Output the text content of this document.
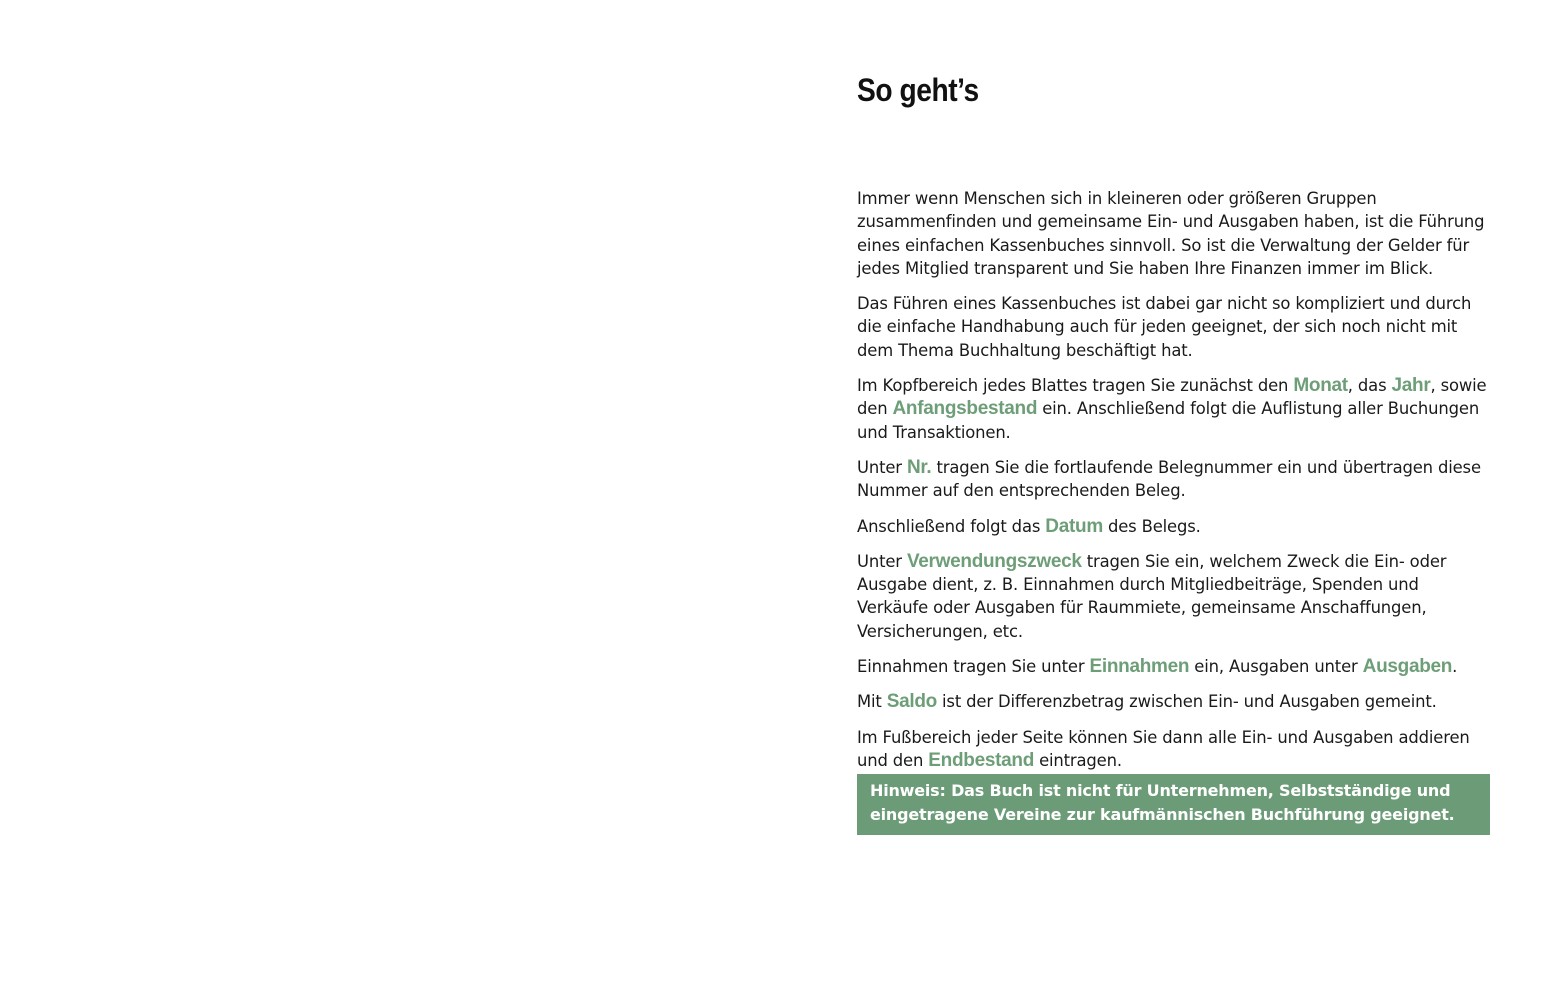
So geht’s

Immer wenn Menschen sich in kleineren oder größeren Gruppen zusammenfinden und gemeinsame Ein- und Ausgaben haben, ist die Führung eines einfachen Kassenbuches sinnvoll. So ist die Verwaltung der Gelder für jedes Mitglied transparent und Sie haben Ihre Finanzen immer im Blick.

Das Führen eines Kassenbuches ist dabei gar nicht so kompliziert und durch die einfache Handhabung auch für jeden geeignet, der sich noch nicht mit dem Thema Buchhaltung beschäftigt hat.

Im Kopfbereich jedes Blattes tragen Sie zunächst den Monat, das Jahr, sowie den Anfangsbestand ein. Anschließend folgt die Auflistung aller Buchungen und Transaktionen.

Unter Nr. tragen Sie die fortlaufende Belegnummer ein und übertragen diese Nummer auf den entsprechenden Beleg.

Anschließend folgt das Datum des Belegs.

Unter Verwendungszweck tragen Sie ein, welchem Zweck die Ein- oder Ausgabe dient, z. B. Einnahmen durch Mitgliedbeiträge, Spenden und Verkäufe oder Ausgaben für Raummiete, gemeinsame Anschaffungen, Versicherungen, etc.

Einnahmen tragen Sie unter Einnahmen ein, Ausgaben unter Ausgaben.

Mit Saldo ist der Differenzbetrag zwischen Ein- und Ausgaben gemeint.

Im Fußbereich jeder Seite können Sie dann alle Ein- und Ausgaben addieren und den Endbestand eintragen.

Hinweis: Das Buch ist nicht für Unternehmen, Selbstständige und eingetragene Vereine zur kaufmännischen Buchführung geeignet.
